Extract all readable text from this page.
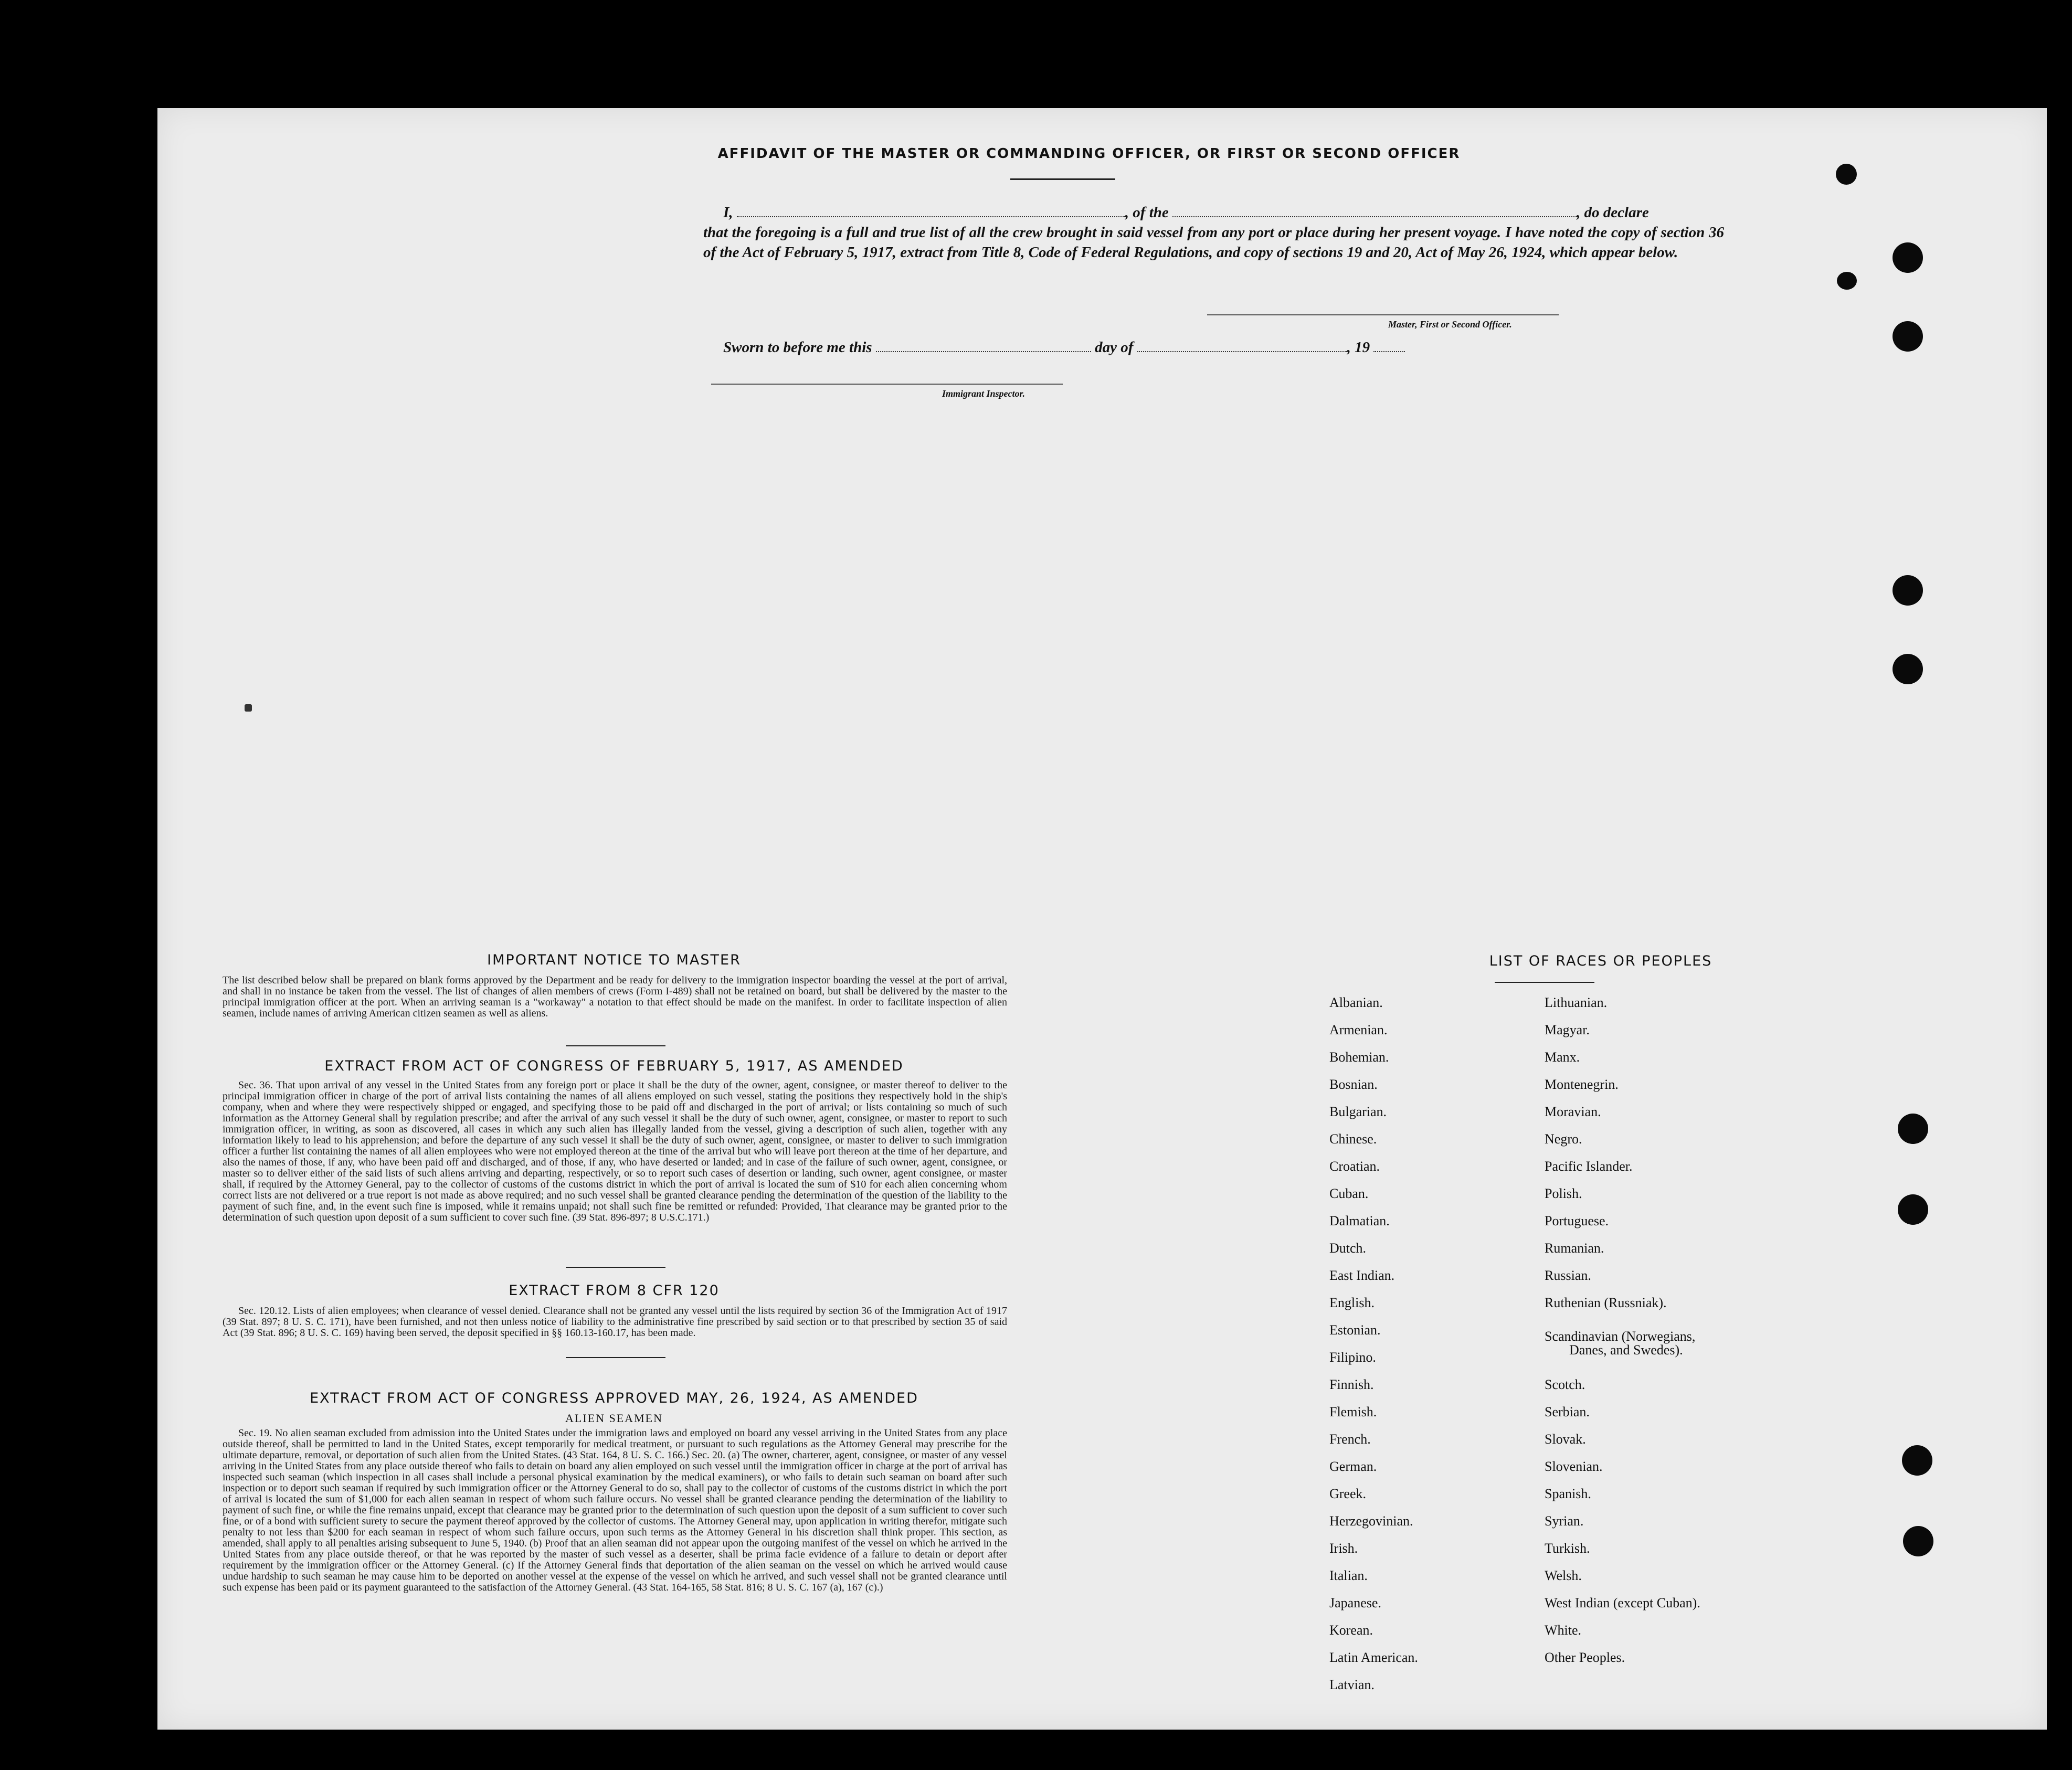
AFFIDAVIT OF THE MASTER OR COMMANDING OFFICER, OR FIRST OR SECOND OFFICER
I,	, of the	, do declare
that the foregoing is a full and true list of all the crew brought in said vessel from any port or place during her present voyage. I have noted the copy of section 36 of the Act of February 5, 1917, extract from Title 8, Code of Federal Regulations, and copy of sections 19 and 20, Act of May 26, 1924, which appear below.
Master, First or Second Officer.
Sworn to before me this	day of	, 19
Immigrant Inspector.
IMPORTANT NOTICE TO MASTER
The list described below shall be prepared on blank forms approved by the Department and be ready for delivery to the immigration inspector boarding the vessel at the port of arrival, and shall in no instance be taken from the vessel. The list of changes of alien members of crews (Form I-489) shall not be retained on board, but shall be delivered by the master to the principal immigration officer at the port. When an arriving seaman is a "workaway" a notation to that effect should be made on the manifest. In order to facilitate inspection of alien seamen, include names of arriving American citizen seamen as well as aliens.
EXTRACT FROM ACT OF CONGRESS OF FEBRUARY 5, 1917, AS AMENDED
Sec. 36. That upon arrival of any vessel in the United States from any foreign port or place it shall be the duty of the owner, agent, consignee, or master thereof to deliver to the principal immigration officer in charge of the port of arrival lists containing the names of all aliens employed on such vessel, stating the positions they respectively hold in the ship's company, when and where they were respectively shipped or engaged, and specifying those to be paid off and discharged in the port of arrival; or lists containing so much of such information as the Attorney General shall by regulation prescribe; and after the arrival of any such vessel it shall be the duty of such owner, agent, consignee, or master to report to such immigration officer, in writing, as soon as discovered, all cases in which any such alien has illegally landed from the vessel, giving a description of such alien, together with any information likely to lead to his apprehension; and before the departure of any such vessel it shall be the duty of such owner, agent, consignee, or master to deliver to such immigration officer a further list containing the names of all alien employees who were not employed thereon at the time of the arrival but who will leave port thereon at the time of her departure, and also the names of those, if any, who have been paid off and discharged, and of those, if any, who have deserted or landed; and in case of the failure of such owner, agent, consignee, or master so to deliver either of the said lists of such aliens arriving and departing, respectively, or so to report such cases of desertion or landing, such owner, agent consignee, or master shall, if required by the Attorney General, pay to the collector of customs of the customs district in which the port of arrival is located the sum of $10 for each alien concerning whom correct lists are not delivered or a true report is not made as above required; and no such vessel shall be granted clearance pending the determination of the question of the liability to the payment of such fine, and, in the event such fine is imposed, while it remains unpaid; not shall such fine be remitted or refunded: Provided, That clearance may be granted prior to the determination of such question upon deposit of a sum sufficient to cover such fine. (39 Stat. 896-897; 8 U.S.C.171.)
EXTRACT FROM 8 CFR 120
Sec. 120.12. Lists of alien employees; when clearance of vessel denied. Clearance shall not be granted any vessel until the lists required by section 36 of the Immigration Act of 1917 (39 Stat. 897; 8 U. S. C. 171), have been furnished, and not then unless notice of liability to the administrative fine prescribed by said section or to that prescribed by section 35 of said Act (39 Stat. 896; 8 U. S. C. 169) having been served, the deposit specified in §§ 160.13-160.17, has been made.
EXTRACT FROM ACT OF CONGRESS APPROVED MAY, 26, 1924, AS AMENDED
ALIEN SEAMEN
Sec. 19. No alien seaman excluded from admission into the United States under the immigration laws and employed on board any vessel arriving in the United States from any place outside thereof, shall be permitted to land in the United States, except temporarily for medical treatment, or pursuant to such regulations as the Attorney General may prescribe for the ultimate departure, removal, or deportation of such alien from the United States. (43 Stat. 164, 8 U. S. C. 166.) Sec. 20. (a) The owner, charterer, agent, consignee, or master of any vessel arriving in the United States from any place outside thereof who fails to detain on board any alien employed on such vessel until the immigration officer in charge at the port of arrival has inspected such seaman (which inspection in all cases shall include a personal physical examination by the medical examiners), or who fails to detain such seaman on board after such inspection or to deport such seaman if required by such immigration officer or the Attorney General to do so, shall pay to the collector of customs of the customs district in which the port of arrival is located the sum of $1,000 for each alien seaman in respect of whom such failure occurs. No vessel shall be granted clearance pending the determination of the liability to payment of such fine, or while the fine remains unpaid, except that clearance may be granted prior to the determination of such question upon the deposit of a sum sufficient to cover such fine, or of a bond with sufficient surety to secure the payment thereof approved by the collector of customs. The Attorney General may, upon application in writing therefor, mitigate such penalty to not less than $200 for each seaman in respect of whom such failure occurs, upon such terms as the Attorney General in his discretion shall think proper. This section, as amended, shall apply to all penalties arising subsequent to June 5, 1940. (b) Proof that an alien seaman did not appear upon the outgoing manifest of the vessel on which he arrived in the United States from any place outside thereof, or that he was reported by the master of such vessel as a deserter, shall be prima facie evidence of a failure to detain or deport after requirement by the immigration officer or the Attorney General. (c) If the Attorney General finds that deportation of the alien seaman on the vessel on which he arrived would cause undue hardship to such seaman he may cause him to be deported on another vessel at the expense of the vessel on which he arrived, and such vessel shall not be granted clearance until such expense has been paid or its payment guaranteed to the satisfaction of the Attorney General. (43 Stat. 164-165, 58 Stat. 816; 8 U. S. C. 167 (a), 167 (c).)
LIST OF RACES OR PEOPLES
Albanian.
Armenian.
Bohemian.
Bosnian.
Bulgarian.
Chinese.
Croatian.
Cuban.
Dalmatian.
Dutch.
East Indian.
English.
Estonian.
Filipino.
Finnish.
Flemish.
French.
German.
Greek.
Herzegovinian.
Irish.
Italian.
Japanese.
Korean.
Latin American.
Latvian.
Lithuanian.
Magyar.
Manx.
Montenegrin.
Moravian.
Negro.
Pacific Islander.
Polish.
Portuguese.
Rumanian.
Russian.
Ruthenian (Russniak).
Scandinavian (Norwegians,
Danes, and Swedes).
Scotch.
Serbian.
Slovak.
Slovenian.
Spanish.
Syrian.
Turkish.
Welsh.
West Indian (except Cuban).
White.
Other Peoples.
